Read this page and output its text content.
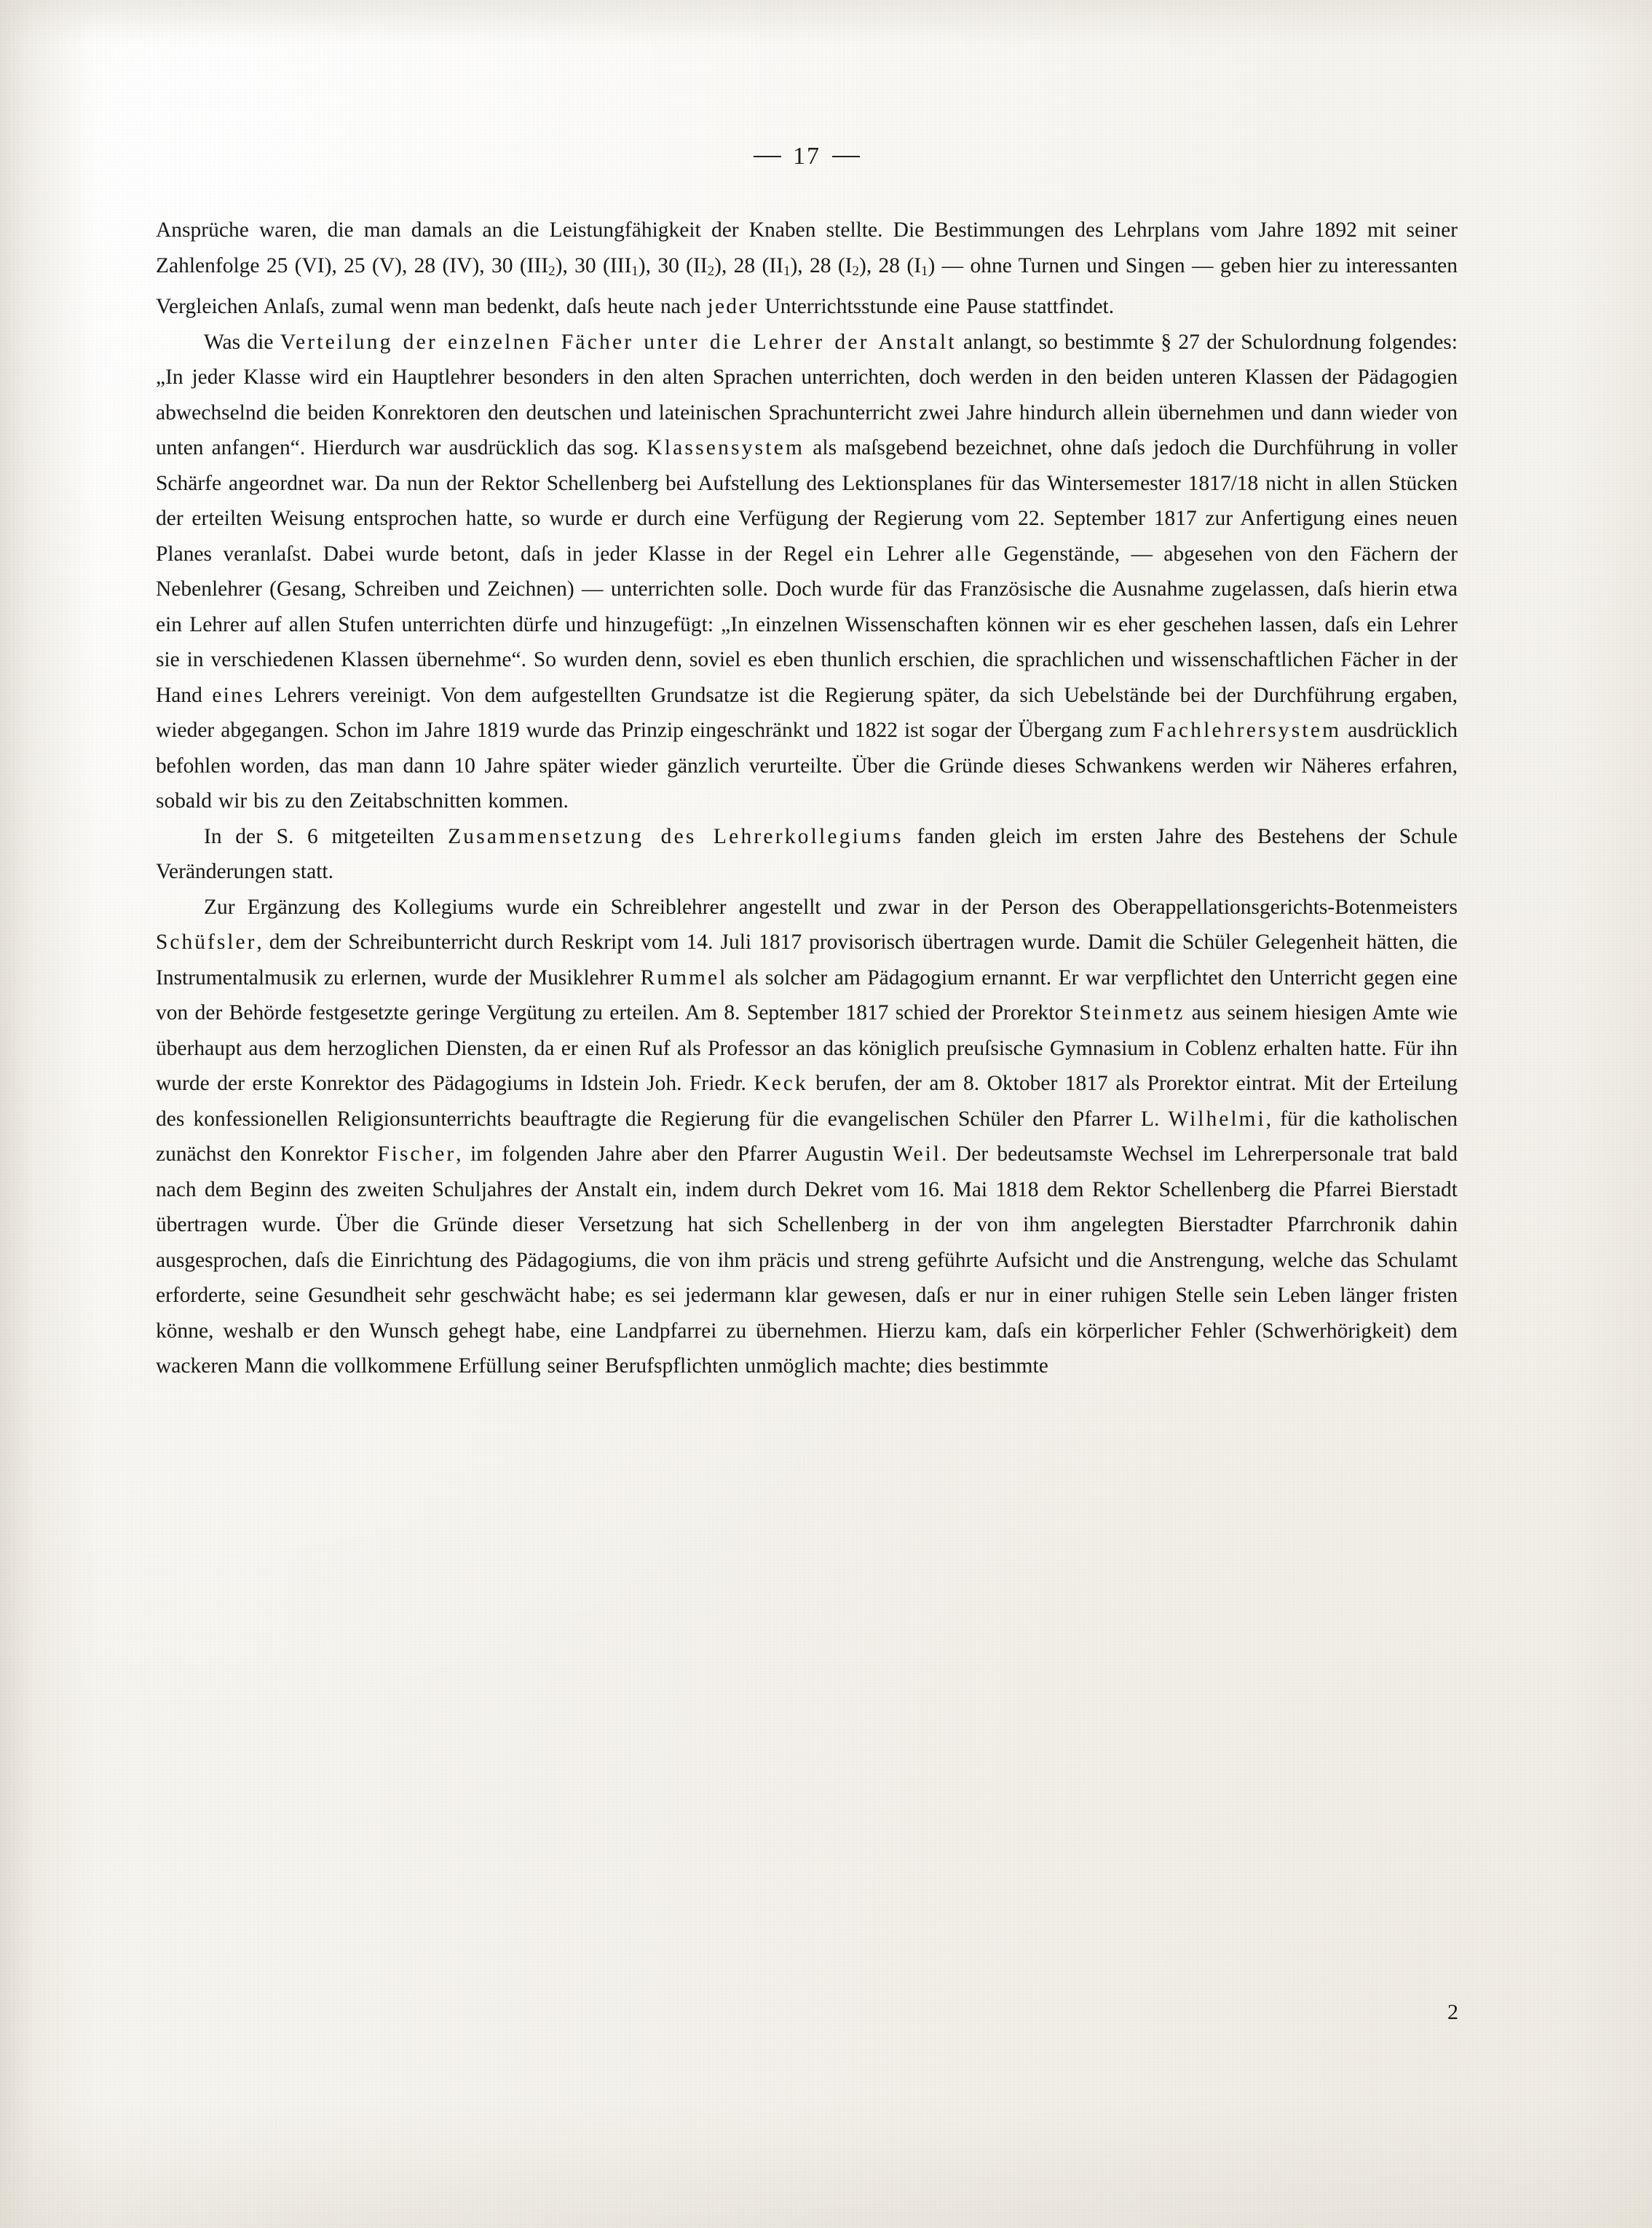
17

Ansprüche waren, die man damals an die Leistungfähigkeit der Knaben stellte. Die Bestimmungen des Lehrplans vom Jahre 1892 mit seiner Zahlenfolge 25 (VI), 25 (V), 28 (IV), 30 $(III_2)$, 30 $(III_1)$, 30 $(II_2)$, 28 $(II_1)$, 28 $(I_2)$, 28 $(I_1)$ — ohne Turnen und Singen — geben hier zu interessanten Vergleichen Anlaſs, zumal wenn man bedenkt, daſs heute nach jeder Unterrichtsstunde eine Pause stattfindet.

Was die Verteilung der einzelnen Fächer unter die Lehrer der Anstalt anlangt, so bestimmte § 27 der Schulordnung folgendes: „In jeder Klasse wird ein Hauptlehrer besonders in den alten Sprachen unterrichten, doch werden in den beiden unteren Klassen der Pädagogien abwechselnd die beiden Konrektoren den deutschen und lateinischen Sprachunterricht zwei Jahre hindurch allein übernehmen und dann wieder von unten anfangen“. Hierdurch war ausdrücklich das sog. Klassensystem als maſsgebend bezeichnet, ohne daſs jedoch die Durchführung in voller Schärfe angeordnet war. Da nun der Rektor Schellenberg bei Aufstellung des Lektionsplanes für das Wintersemester 1817/18 nicht in allen Stücken der erteilten Weisung entsprochen hatte, so wurde er durch eine Verfügung der Regierung vom 22. September 1817 zur Anfertigung eines neuen Planes veranlaſst. Dabei wurde betont, daſs in jeder Klasse in der Regel ein Lehrer alle Gegenstände, — abgesehen von den Fächern der Nebenlehrer (Gesang, Schreiben und Zeichnen) — unterrichten solle. Doch wurde für das Französische die Ausnahme zugelassen, daſs hierin etwa ein Lehrer auf allen Stufen unterrichten dürfe und hinzugefügt: „In einzelnen Wissenschaften können wir es eher geschehen lassen, daſs ein Lehrer sie in verschiedenen Klassen übernehme“. So wurden denn, soviel es eben thunlich erschien, die sprachlichen und wissenschaftlichen Fächer in der Hand eines Lehrers vereinigt. Von dem aufgestellten Grundsatze ist die Regierung später, da sich Uebelstände bei der Durchführung ergaben, wieder abgegangen. Schon im Jahre 1819 wurde das Prinzip eingeschränkt und 1822 ist sogar der Übergang zum Fachlehrersystem ausdrücklich befohlen worden, das man dann 10 Jahre später wieder gänzlich verurteilte. Über die Gründe dieses Schwankens werden wir Näheres erfahren, sobald wir bis zu den Zeitabschnitten kommen.

In der S. 6 mitgeteilten Zusammensetzung des Lehrerkollegiums fanden gleich im ersten Jahre des Bestehens der Schule Veränderungen statt.

Zur Ergänzung des Kollegiums wurde ein Schreiblehrer angestellt und zwar in der Person des Oberappellationsgerichts-Botenmeisters Schüfsler, dem der Schreibunterricht durch Reskript vom 14. Juli 1817 provisorisch übertragen wurde. Damit die Schüler Gelegenheit hätten, die Instrumentalmusik zu erlernen, wurde der Musiklehrer Rummel als solcher am Pädagogium ernannt. Er war verpflichtet den Unterricht gegen eine von der Behörde festgesetzte geringe Vergütung zu erteilen. Am 8. September 1817 schied der Prorektor Steinmetz aus seinem hiesigen Amte wie überhaupt aus dem herzoglichen Diensten, da er einen Ruf als Professor an das königlich preuſsische Gymnasium in Coblenz erhalten hatte. Für ihn wurde der erste Konrektor des Pädagogiums in Idstein Joh. Friedr. Keck berufen, der am 8. Oktober 1817 als Prorektor eintrat. Mit der Erteilung des konfessionellen Religionsunterrichts beauftragte die Regierung für die evangelischen Schüler den Pfarrer L. Wilhelmi, für die katholischen zunächst den Konrektor Fischer, im folgenden Jahre aber den Pfarrer Augustin Weil. Der bedeutsamste Wechsel im Lehrerpersonale trat bald nach dem Beginn des zweiten Schuljahres der Anstalt ein, indem durch Dekret vom 16. Mai 1818 dem Rektor Schellenberg die Pfarrei Bierstadt übertragen wurde. Über die Gründe dieser Versetzung hat sich Schellenberg in der von ihm angelegten Bierstadter Pfarrchronik dahin ausgesprochen, daſs die Einrichtung des Pädagogiums, die von ihm präcis und streng geführte Aufsicht und die Anstrengung, welche das Schulamt erforderte, seine Gesundheit sehr geschwächt habe; es sei jedermann klar gewesen, daſs er nur in einer ruhigen Stelle sein Leben länger fristen könne, weshalb er den Wunsch gehegt habe, eine Landpfarrei zu übernehmen. Hierzu kam, daſs ein körperlicher Fehler (Schwerhörigkeit) dem wackeren Mann die vollkommene Erfüllung seiner Berufspflichten unmöglich machte; dies bestimmte

2
